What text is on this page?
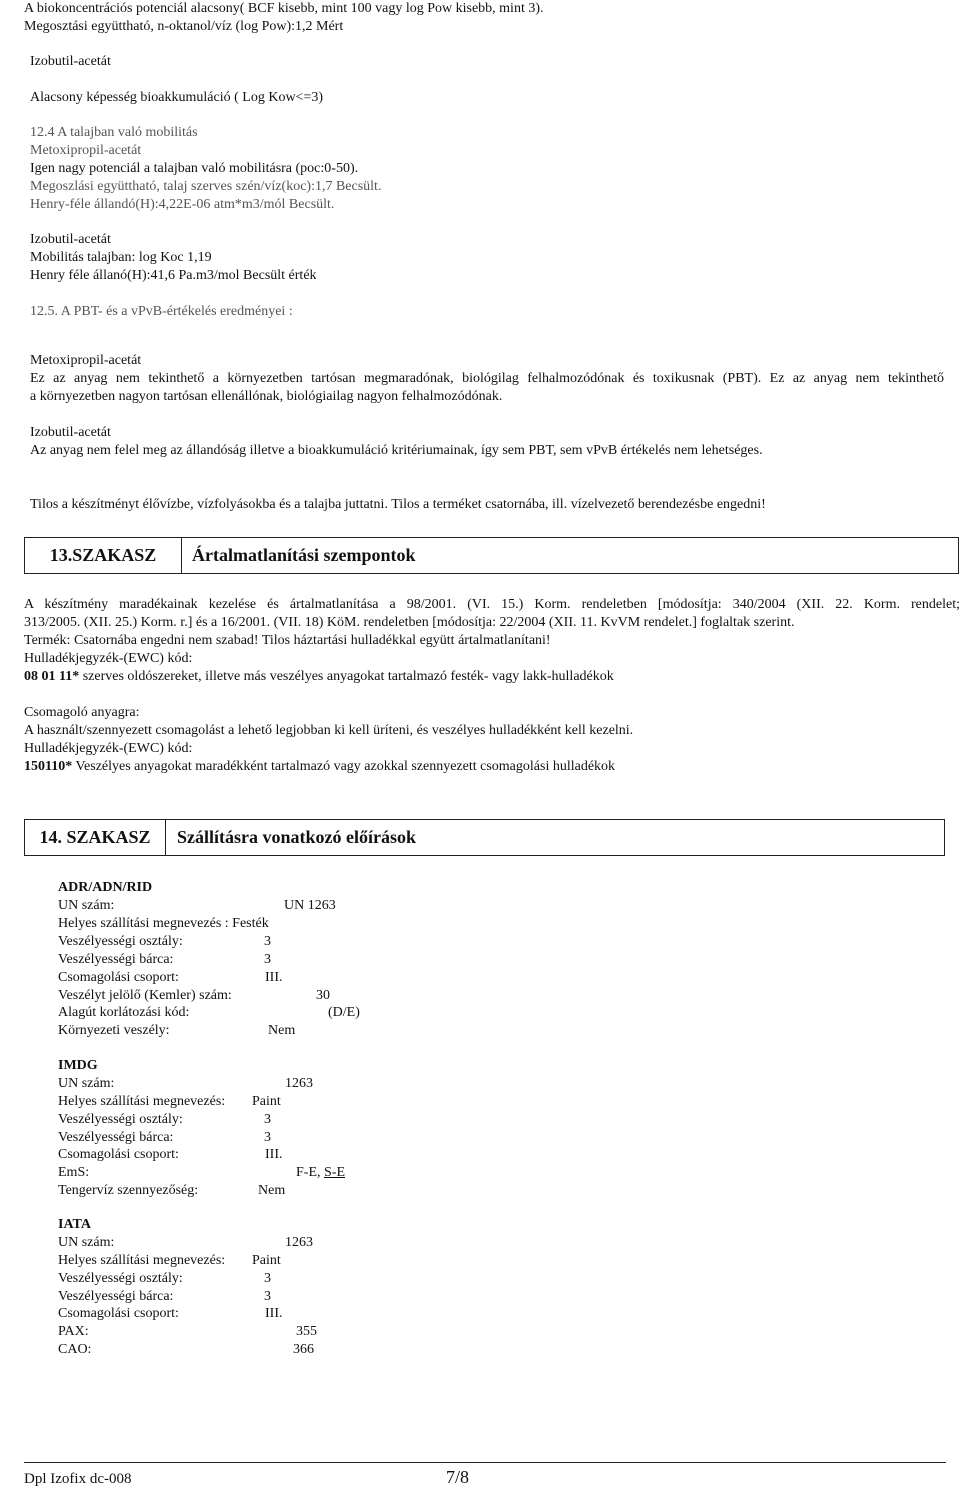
A biokoncentrációs potenciál alacsony( BCF kisebb, mint 100 vagy log Pow kisebb, mint 3).
Megosztási együttható, n-oktanol/víz (log Pow):1,2 Mért
Izobutil-acetát
Alacsony képesség bioakkumuláció ( Log Kow<=3)
12.4 A talajban való mobilitás
Metoxipropil-acetát
Igen nagy potenciál a talajban való mobilitásra (poc:0-50).
Megoszlási együttható, talaj szerves szén/víz(koc):1,7 Becsült.
Henry-féle állandó(H):4,22E-06 atm*m3/mól Becsült.
Izobutil-acetát
Mobilitás talajban: log Koc 1,19
Henry féle állanó(H):41,6 Pa.m3/mol Becsült érték
12.5. A PBT- és a vPvB-értékelés eredményei :
Metoxipropil-acetát
Ez az anyag nem tekinthető a környezetben tartósan megmaradónak, biológilag felhalmozódónak és toxikusnak (PBT). Ez az anyag nem tekinthető
a környezetben nagyon tartósan ellenállónak, biológiailag nagyon felhalmozódónak.
Izobutil-acetát
Az anyag nem felel meg az állandóság illetve a bioakkumuláció kritériumainak, így sem PBT, sem vPvB értékelés nem lehetséges.
Tilos a készítményt élővízbe, vízfolyásokba és a talajba juttatni. Tilos a terméket csatornába, ill. vízelvezető berendezésbe engedni!
13.SZAKASZ	Ártalmatlanítási szempontok
A készítmény maradékainak kezelése és ártalmatlanítása a 98/2001. (VI. 15.) Korm. rendeletben [módosítja: 340/2004 (XII. 22. Korm. rendelet;
313/2005. (XII. 25.) Korm. r.] és a 16/2001. (VII. 18) KöM. rendeletben [módosítja: 22/2004 (XII. 11. KvVM rendelet.] foglaltak szerint.
Termék: Csatornába engedni nem szabad! Tilos háztartási hulladékkal együtt ártalmatlanítani!
Hulladékjegyzék-(EWC) kód:
08 01 11* szerves oldószereket, illetve más veszélyes anyagokat tartalmazó festék- vagy lakk-hulladékok
Csomagoló anyagra:
A használt/szennyezett csomagolást a lehető legjobban ki kell üríteni, és veszélyes hulladékként kell kezelni.
Hulladékjegyzék-(EWC) kód:
150110* Veszélyes anyagokat maradékként tartalmazó vagy azokkal szennyezett csomagolási hulladékok
14. SZAKASZ	Szállításra vonatkozó előírások
ADR/ADN/RID
UN szám:	UN 1263
Helyes szállítási megnevezés : Festék
Veszélyességi osztály:	3
Veszélyességi bárca:	3
Csomagolási csoport:	III.
Veszélyt jelölő (Kemler) szám:	30
Alagút korlátozási kód:	(D/E)
Környezeti veszély:	Nem
IMDG
UN szám:	1263
Helyes szállítási megnevezés: Paint
Veszélyességi osztály:	3
Veszélyességi bárca:	3
Csomagolási csoport:	III.
EmS:	F-E, S-E
Tengervíz szennyezőség:	Nem
IATA
UN szám:	1263
Helyes szállítási megnevezés: Paint
Veszélyességi osztály:	3
Veszélyességi bárca:	3
Csomagolási csoport:	III.
PAX:	355
CAO:	366
Dpl Izofix dc-008	7/8
